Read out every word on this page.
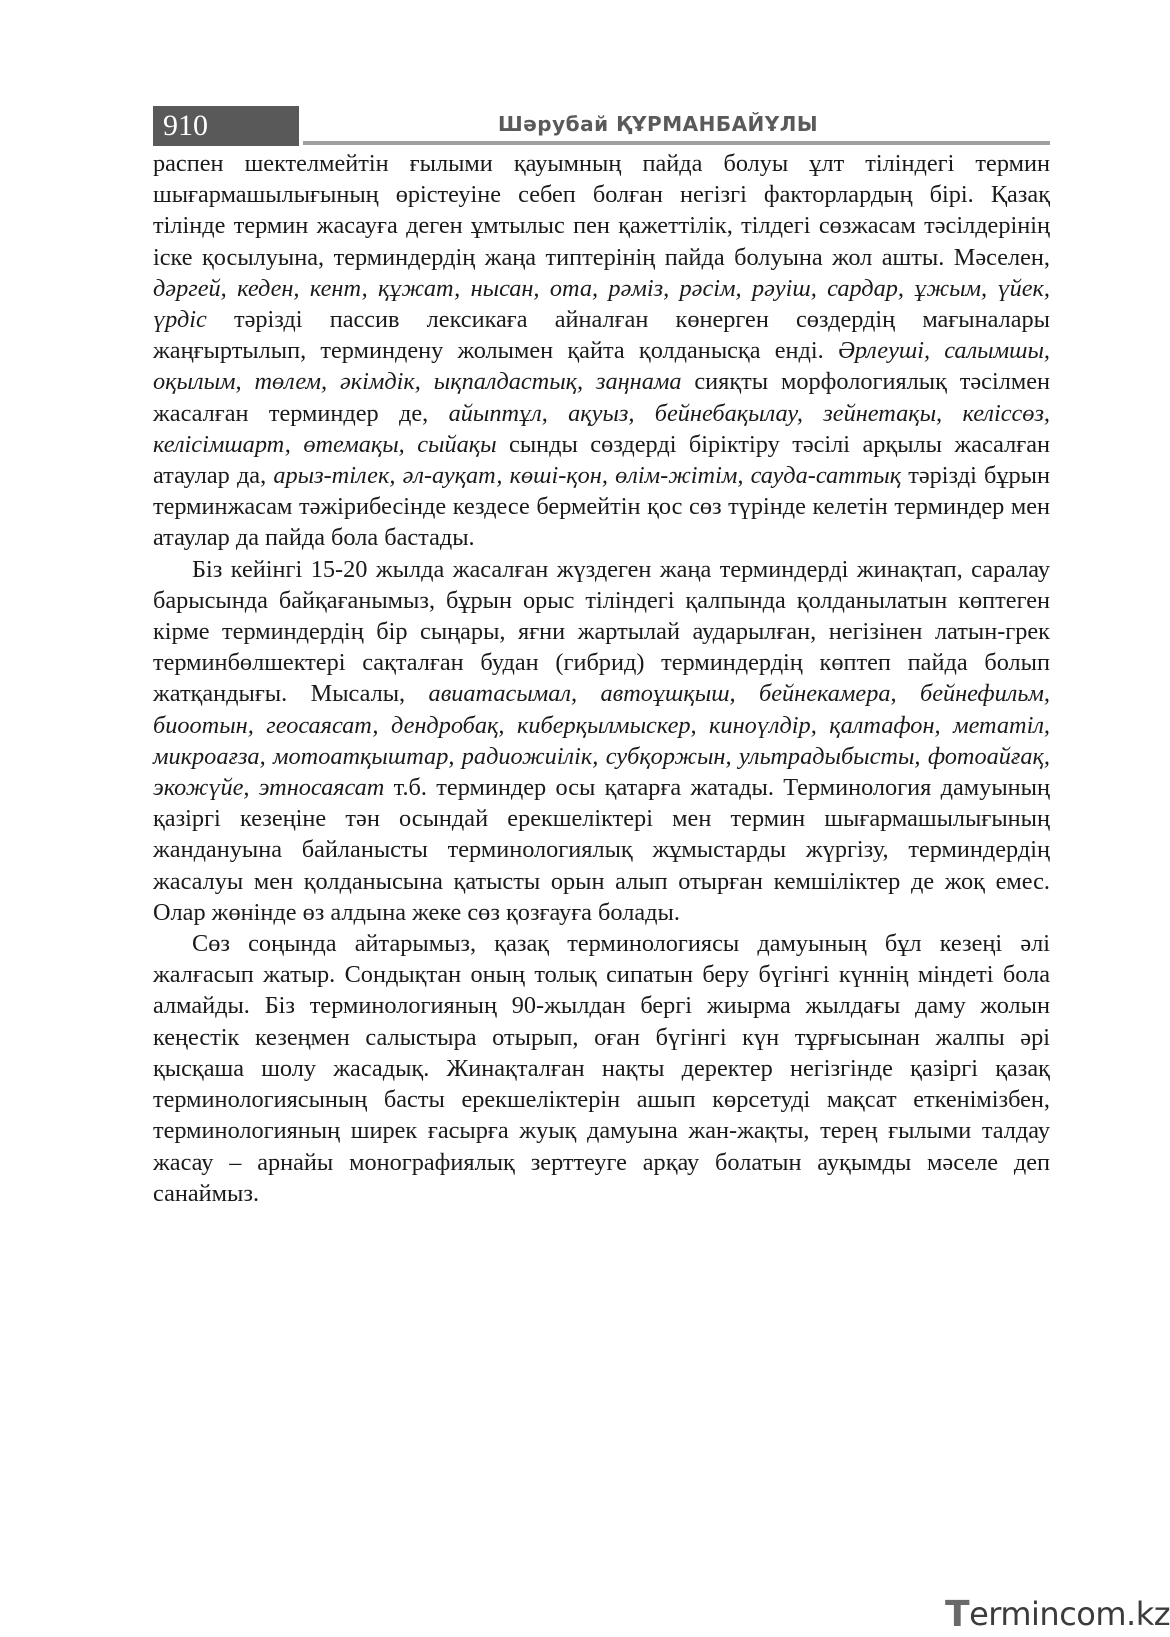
910	Шәрубай ҚҰРМАНБАЙҰЛЫ

распен шектелмейтін ғылыми қауымның пайда болуы ұлт тіліндегі термин шығармашылығының өрістеуіне себеп болған негізгі факторлардың бірі. Қазақ тілінде термин жасауға деген ұмтылыс пен қажеттілік, тілдегі сөзжасам тәсілдерінің іске қосылуына, терминдердің жаңа типтерінің пайда болуына жол ашты. Мәселен, дәргей, кеден, кент, құжат, нысан, ота, рәміз, рәсім, рәуіш, сардар, ұжым, үйек, үрдіс тәрізді пассив лексикаға айналған көнерген сөздердің мағыналары жаңғыртылып, терминдену жолымен қайта қолданысқа енді. Әрлеуші, салымшы, оқылым, төлем, әкімдік, ықпалдастық, заңнама сияқты морфологиялық тәсілмен жасалған терминдер де, айыптұл, ақуыз, бейнебақылау, зейнетақы, келіссөз, келісімшарт, өтемақы, сыйақы сынды сөздерді біріктіру тәсілі арқылы жасалған атаулар да, арыз-тілек, әл-ауқат, көші-қон, өлім-жітім, сауда-саттық тәрізді бұрын терминжасам тәжірибесінде кездесе бермейтін қос сөз түрінде келетін терминдер мен атаулар да пайда бола бастады.

Біз кейінгі 15-20 жылда жасалған жүздеген жаңа терминдерді жинақтап, саралау барысында байқағанымыз, бұрын орыс тіліндегі қалпында қолданылатын көптеген кірме терминдердің бір сыңары, яғни жартылай аударылған, негізінен латын-грек терминбөлшектері сақталған будан (гибрид) терминдердің көптеп пайда болып жатқандығы. Мысалы, авиатасымал, автоұшқыш, бейнекамера, бейнефильм, биоотын, геосаясат, дендробақ, киберқылмыскер, киноүлдір, қалтафон, метатіл, микроағза, мотоатқыштар, радиожиілік, субқоржын, ультрадыбысты, фотоайғақ, экожүйе, этносаясат т.б. терминдер осы қатарға жатады. Терминология дамуының қазіргі кезеңіне тән осындай ерекшеліктері мен термин шығармашылығының жандануына байланысты терминологиялық жұмыстарды жүргізу, терминдердің жасалуы мен қолданысына қатысты орын алып отырған кемшіліктер де жоқ емес. Олар жөнінде өз алдына жеке сөз қозғауға болады.

Сөз соңында айтарымыз, қазақ терминологиясы дамуының бұл кезеңі әлі жалғасып жатыр. Сондықтан оның толық сипатын беру бүгінгі күннің міндеті бола алмайды. Біз терминологияның 90-жылдан бергі жиырма жылдағы даму жолын кеңестік кезеңмен салыстыра отырып, оған бүгінгі күн тұрғысынан жалпы әрі қысқаша шолу жасадық. Жинақталған нақты деректер негізгінде қазіргі қазақ терминологиясының басты ерекшеліктерін ашып көрсетуді мақсат еткенімізбен, терминологияның ширек ғасырға жуық дамуына жан-жақты, терең ғылыми талдау жасау – арнайы монографиялық зерттеуге арқау болатын ауқымды мәселе деп санаймыз.

T erminc o m.kz
